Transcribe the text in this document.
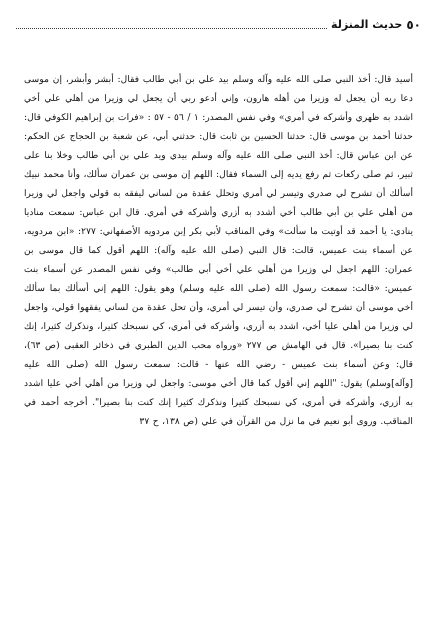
٥٠
حديث المنزلة

أسيد قال: أخذ النبي صلى الله عليه وآله وسلم بيد علي بن أبي طالب فقال: أبشر وأبشر، إن موسى دعا ربه أن يجعل له وزيرا من أهله هارون، وإني أدعو ربي أن يجعل لي وزيرا من أهلي علي أخي اشدد به ظهري وأشركه في أمري» وفي نفس المصدر: ١ / ٥٦ - ٥٧ : «فرات بن إبراهيم الكوفي قال: حدثنا أحمد بن موسى قال: حدثنا الحسين بن ثابت قال: حدثني أبي، عن شعبة بن الحجاج عن الحكم: عن ابن عباس قال: أخذ النبي صلى الله عليه وآله وسلم بيدي ويد علي بن أبي طالب وخلا بنا على ثبير، ثم صلى ركعات ثم رفع يديه إلى السماء فقال: اللهم إن موسى بن عمران سألك، وأنا محمد نبيك أسألك أن تشرح لي صدري وتيسر لي أمري وتحلل عقدة من لساني ليفقه به قولي واجعل لي وزيرا من أهلي علي بن أبي طالب أخي أشدد به أزري وأشركه في أمري. قال ابن عباس: سمعت مناديا ينادي: يا أحمد قد أوتيت ما سألت» وفي المناقب لأبي بكر إبن مردويه الأصفهاني: ٢٧٧: «ابن مردويه، عن أسماء بنت عميس، قالت: قال النبي (صلى الله عليه وآله): اللهم أقول كما قال موسى بن عمران: اللهم اجعل لي وزيرا من أهلي علي أخي أبي طالب» وفي نفس المصدر عن أسماء بنت عميس: «قالت: سمعت رسول الله (صلى الله عليه وسلم) وهو يقول: اللهم إني أسألك بما سألك أخي موسى أن تشرح لي صدري، وأن تيسر لي أمري، وأن تحل عقدة من لساني يفقهوا قولي، واجعل لي وزيرا من أهلي عليا أخي، اشدد به أزري، وأشركه في أمري، كي نسبحك كثيرا، ونذكرك كثيرا، إنك كنت بنا بصيرا». قال في الهامش ص ٢٧٧ «ورواه محب الدين الطبري في ذخائر العقبى (ص ٦٣)، قال: وعن أسماء بنت عميس - رضي الله عنها - قالت: سمعت رسول الله (صلى الله عليه [وآله]وسلم) يقول: "اللهم إني أقول كما قال أخي موسى: واجعل لي وزيرا من أهلي أخي عليا اشدد به أزري، وأشركه في أمري، كي نسبحك كثيرا ونذكرك كثيرا إنك كنت بنا بصيرا". أخرجه أحمد في المناقب. وروى أبو نعيم في ما نزل من القرآن في علي (ص ١٣٨، ح ٣٧
